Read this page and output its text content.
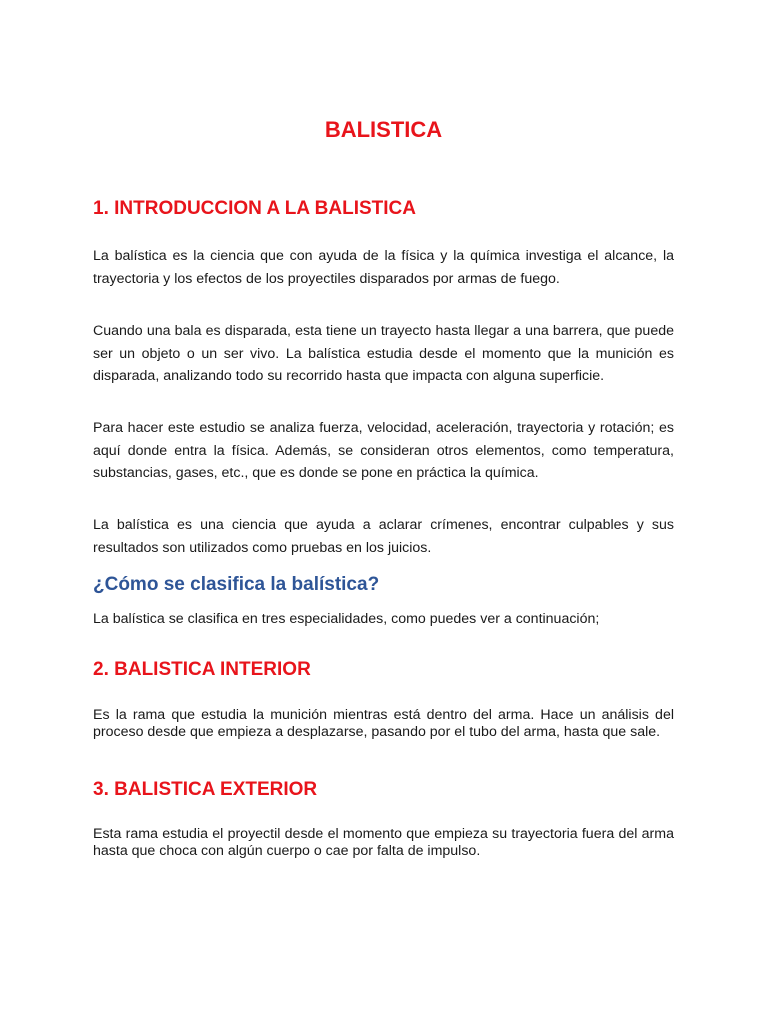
BALISTICA
1. INTRODUCCION A LA BALISTICA

La balística es la ciencia que con ayuda de la física y la química investiga el alcance, la trayectoria y los efectos de los proyectiles disparados por armas de fuego.

Cuando una bala es disparada, esta tiene un trayecto hasta llegar a una barrera, que puede ser un objeto o un ser vivo. La balística estudia desde el momento que la munición es disparada, analizando todo su recorrido hasta que impacta con alguna superficie.

Para hacer este estudio se analiza fuerza, velocidad, aceleración, trayectoria y rotación; es aquí donde entra la física. Además, se consideran otros elementos, como temperatura, substancias, gases, etc., que es donde se pone en práctica la química.

La balística es una ciencia que ayuda a aclarar crímenes, encontrar culpables y sus resultados son utilizados como pruebas en los juicios.

¿Cómo se clasifica la balística?

La balística se clasifica en tres especialidades, como puedes ver a continuación;

2. BALISTICA INTERIOR

Es la rama que estudia la munición mientras está dentro del arma. Hace un análisis del proceso desde que empieza a desplazarse, pasando por el tubo del arma, hasta que sale.

3. BALISTICA EXTERIOR

Esta rama estudia el proyectil desde el momento que empieza su trayectoria fuera del arma hasta que choca con algún cuerpo o cae por falta de impulso.
